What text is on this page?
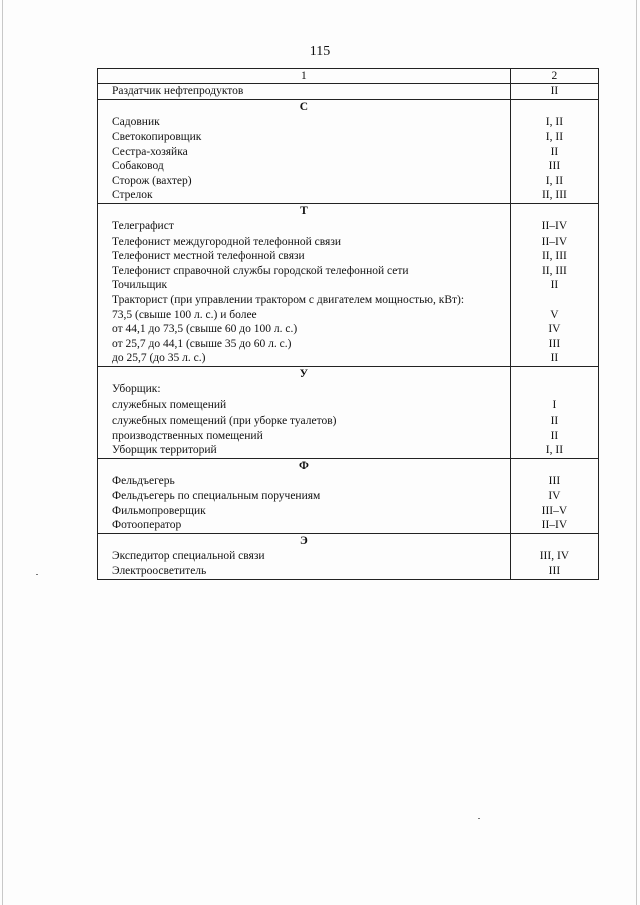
115
1	2
Раздатчик нефтепродуктов	II
С	
Садовник	I, II
Светокопировщик	I, II
Сестра-хозяйка	II
Собаковод	III
Сторож (вахтер)	I, II
Стрелок	II, III
Т	
Телеграфист	II–IV
Телефонист междугородной телефонной связи	II–IV
Телефонист местной телефонной связи	II, III
Телефонист справочной службы городской телефонной сети	II, III
Точильщик	II
Тракторист (при управлении трактором с двигателем мощностью, кВт):	
73,5 (свыше 100 л. с.) и более	V
от 44,1 до 73,5 (свыше 60 до 100 л. с.)	IV
от 25,7 до 44,1 (свыше 35 до 60 л. с.)	III
до 25,7 (до 35 л. с.)	II
У	
Уборщик:	
служебных помещений	I
служебных помещений (при уборке туалетов)	II
производственных помещений	II
Уборщик территорий	I, II
Ф	
Фельдъегерь	III
Фельдъегерь по специальным поручениям	IV
Фильмопроверщик	III–V
Фотооператор	II–IV
Э	
Экспедитор специальной связи	III, IV
Электроосветитель	III
